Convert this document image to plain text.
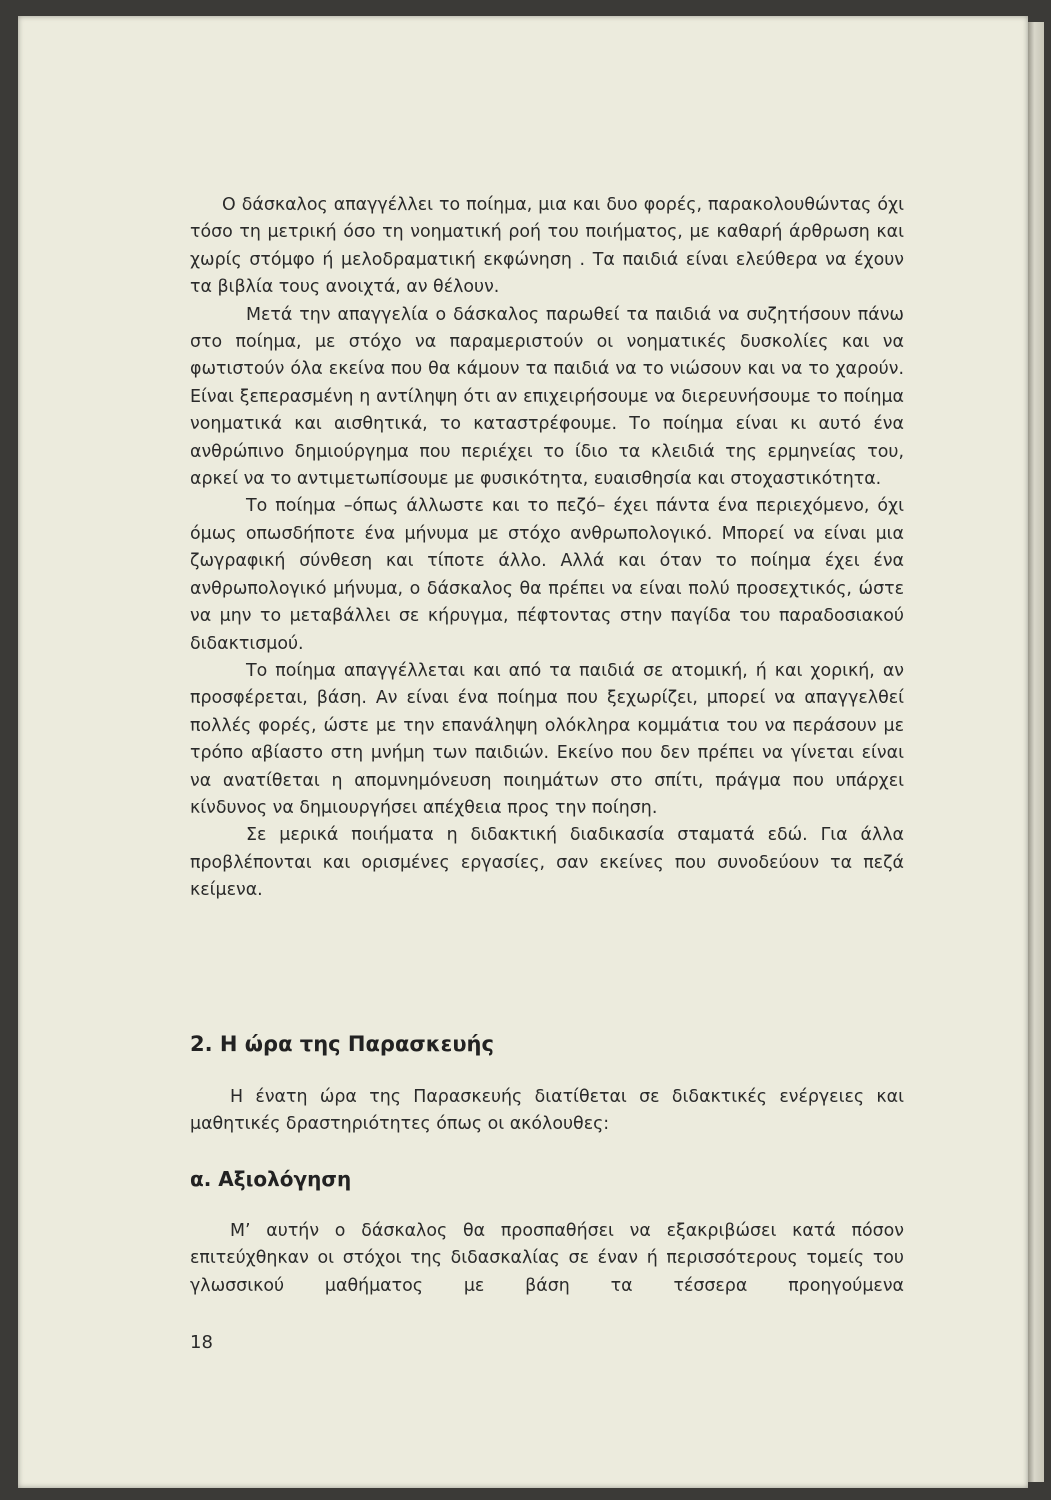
Ο δάσκαλος απαγγέλλει το ποίημα, μια και δυο φορές, παρακολουθώντας όχι τόσο τη μετρική όσο τη νοηματική ροή του ποιήματος, με καθαρή άρθρωση και χωρίς στόμφο ή μελοδραματική εκφώνηση . Τα παιδιά είναι ελεύθερα να έχουν τα βιβλία τους ανοιχτά, αν θέλουν.

Μετά την απαγγελία ο δάσκαλος παρωθεί τα παιδιά να συζητήσουν πάνω στο ποίημα, με στόχο να παραμεριστούν οι νοηματικές δυσκολίες και να φωτιστούν όλα εκείνα που θα κάμουν τα παιδιά να το νιώσουν και να το χαρούν. Είναι ξεπερασμένη η αντίληψη ότι αν επιχειρήσουμε να διερευνήσουμε το ποίημα νοηματικά και αισθητικά, το καταστρέφουμε. Το ποίημα είναι κι αυτό ένα ανθρώπινο δημιούργημα που περιέχει το ίδιο τα κλειδιά της ερμηνείας του, αρκεί να το αντιμετωπίσουμε με φυσικότητα, ευαισθησία και στοχαστικότητα.

Το ποίημα –όπως άλλωστε και το πεζό– έχει πάντα ένα περιεχόμενο, όχι όμως οπωσδήποτε ένα μήνυμα με στόχο ανθρωπολογικό. Μπορεί να είναι μια ζωγραφική σύνθεση και τίποτε άλλο. Αλλά και όταν το ποίημα έχει ένα ανθρωπολογικό μήνυμα, ο δάσκαλος θα πρέπει να είναι πολύ προσεχτικός, ώστε να μην το μεταβάλλει σε κήρυγμα, πέφτοντας στην παγίδα του παραδοσιακού διδακτισμού.

Το ποίημα απαγγέλλεται και από τα παιδιά σε ατομική, ή και χορική, αν προσφέρεται, βάση. Αν είναι ένα ποίημα που ξεχωρίζει, μπορεί να απαγγελθεί πολλές φορές, ώστε με την επανάληψη ολόκληρα κομμάτια του να περάσουν με τρόπο αβίαστο στη μνήμη των παιδιών. Εκείνο που δεν πρέπει να γίνεται είναι να ανατίθεται η απομνημόνευση ποιημάτων στο σπίτι, πράγμα που υπάρχει κίνδυνος να δημιουργήσει απέχθεια προς την ποίηση.

Σε μερικά ποιήματα η διδακτική διαδικασία σταματά εδώ. Για άλλα προβλέπονται και ορισμένες εργασίες, σαν εκείνες που συνοδεύουν τα πεζά κείμενα.

2. Η ώρα της Παρασκευής

Η ένατη ώρα της Παρασκευής διατίθεται σε διδακτικές ενέργειες και μαθητικές δραστηριότητες όπως οι ακόλουθες:

α. Αξιολόγηση

Μ’ αυτήν ο δάσκαλος θα προσπαθήσει να εξακριβώσει κατά πόσον επιτεύχθηκαν οι στόχοι της διδασκαλίας σε έναν ή περισσότερους τομείς του γλωσσικού μαθήματος με βάση τα τέσσερα προηγούμενα

18
